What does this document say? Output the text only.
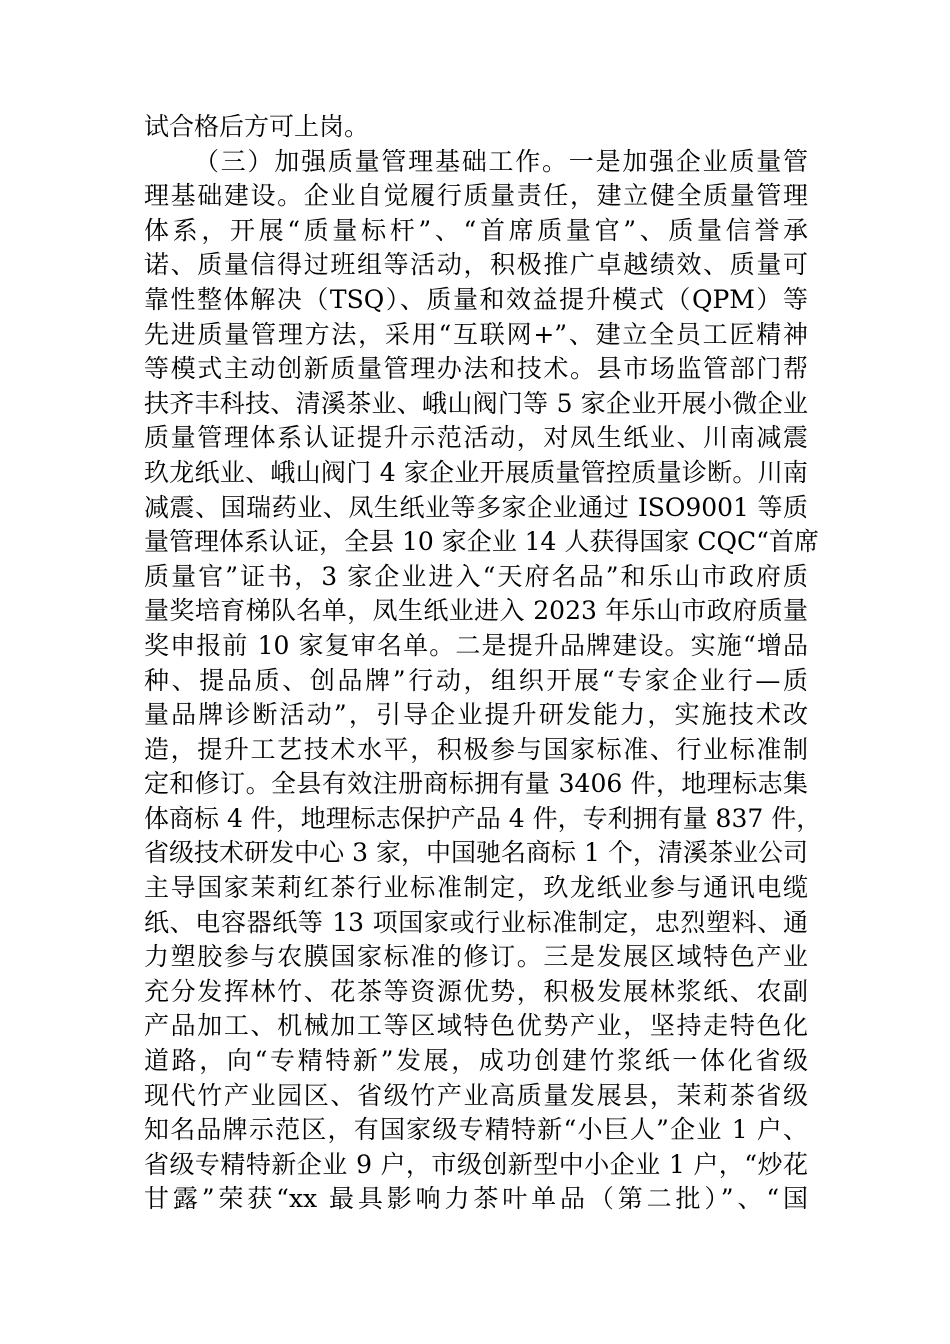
试合格后方可上岗。
（三）加强质量管理基础工作。一是加强企业质量管
理基础建设。企业自觉履行质量责任，建立健全质量管理
体系，开展“质量标杆”、“首席质量官”、质量信誉承
诺、质量信得过班组等活动，积极推广卓越绩效、质量可
靠性整体解决（TSQ）、质量和效益提升模式（QPM）等
先进质量管理方法，采用“互联网+”、建立全员工匠精神
等模式主动创新质量管理办法和技术。县市场监管部门帮
扶齐丰科技、清溪茶业、峨山阀门等 5 家企业开展小微企业
质量管理体系认证提升示范活动，对凤生纸业、川南减震
玖龙纸业、峨山阀门 4 家企业开展质量管控质量诊断。川南
减震、国瑞药业、凤生纸业等多家企业通过 ISO9001 等质
量管理体系认证，全县 10 家企业 14 人获得国家 CQC“首席
质量官”证书，3 家企业进入“天府名品”和乐山市政府质
量奖培育梯队名单，凤生纸业进入 2023 年乐山市政府质量
奖申报前 10 家复审名单。二是提升品牌建设。实施“增品
种、提品质、创品牌”行动，组织开展“专家企业行—质
量品牌诊断活动”，引导企业提升研发能力，实施技术改
造，提升工艺技术水平，积极参与国家标准、行业标准制
定和修订。全县有效注册商标拥有量 3406 件，地理标志集
体商标 4 件，地理标志保护产品 4 件，专利拥有量 837 件，
省级技术研发中心 3 家，中国驰名商标 1 个，清溪茶业公司
主导国家茉莉红茶行业标准制定，玖龙纸业参与通讯电缆
纸、电容器纸等 13 项国家或行业标准制定，忠烈塑料、通
力塑胶参与农膜国家标准的修订。三是发展区域特色产业
充分发挥林竹、花茶等资源优势，积极发展林浆纸、农副
产品加工、机械加工等区域特色优势产业，坚持走特色化
道路，向“专精特新”发展，成功创建竹浆纸一体化省级
现代竹产业园区、省级竹产业高质量发展县，茉莉茶省级
知名品牌示范区，有国家级专精特新“小巨人”企业 1 户、
省级专精特新企业 9 户，市级创新型中小企业 1 户，“炒花
甘露”荣获“xx 最具影响力茶叶单品（第二批）”、“国
